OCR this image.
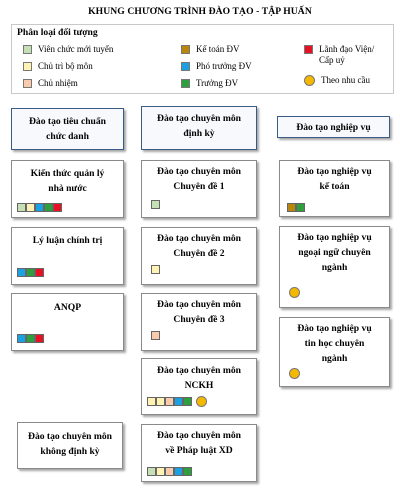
KHUNG CHƯƠNG TRÌNH ĐÀO TẠO - TẬP HUẤN
Phân loại đối tượng
Viên chức mới tuyển	Kế toán ĐV	Lãnh đạo Viện/
Cấp uỷ
Chủ trì bộ môn	Phó trưởng ĐV
Theo nhu cầu
Chủ nhiệm	Trưởng ĐV
Đào tạo tiêu chuẩn
chức danh
Kiến thức quản lý
nhà nước
Lý luận chính trị
ANQP
Đào tạo chuyên môn
không định kỳ
Đào tạo chuyên môn
định kỳ
Đào tạo chuyên môn
Chuyên đề 1
Đào tạo chuyên môn
Chuyên đề 2
Đào tạo chuyên môn
Chuyên đề 3
Đào tạo chuyên môn
NCKH
Đào tạo chuyên môn
về Pháp luật XD
Đào tạo nghiệp vụ
Đào tạo nghiệp vụ
kế toán
Đào tạo nghiệp vụ
ngoại ngữ chuyên
ngành
Đào tạo nghiệp vụ
tin học chuyên
ngành
